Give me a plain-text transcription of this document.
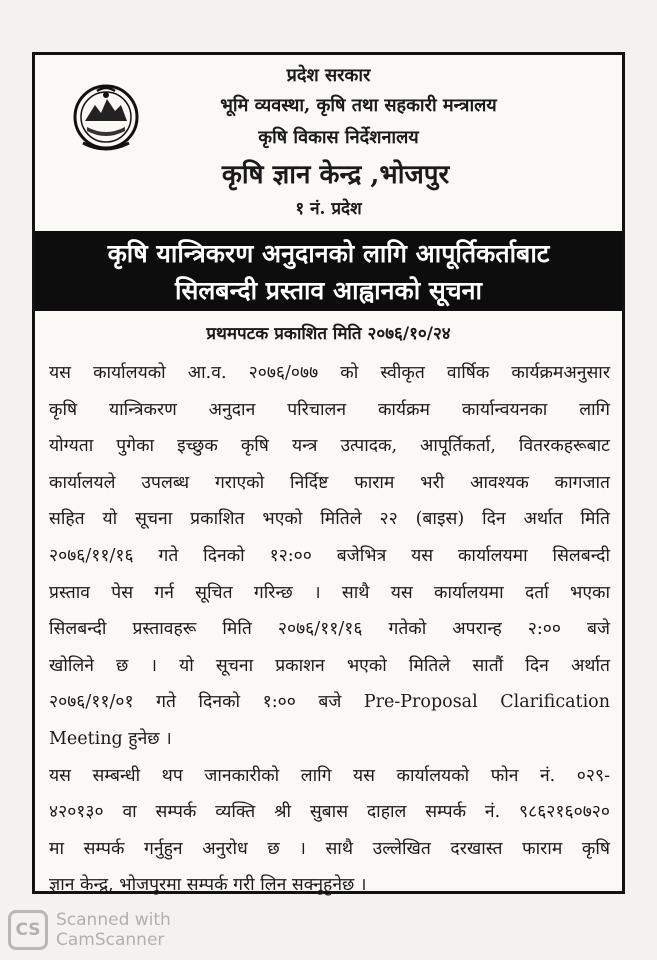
प्रदेश सरकार
भूमि व्यवस्था, कृषि तथा सहकारी मन्त्रालय
कृषि विकास निर्देशनालय
कृषि ज्ञान केन्द्र ,भोजपुर
१ नं. प्रदेश
कृषि यान्त्रिकरण अनुदानको लागि आपूर्तिकर्ताबाट
सिलबन्दी प्रस्ताव आह्वानको सूचना
प्रथमपटक प्रकाशित मिति २०७६/१०/२४
यस कार्यालयको आ.व. २०७६/०७७ को स्वीकृत वार्षिक कार्यक्रमअनुसार
कृषि यान्त्रिकरण अनुदान परिचालन कार्यक्रम कार्यान्वयनका लागि
योग्यता पुगेका इच्छुक कृषि यन्त्र उत्पादक, आपूर्तिकर्ता, वितरकहरूबाट
कार्यालयले उपलब्ध गराएको निर्दिष्ट फाराम भरी आवश्यक कागजात
सहित यो सूचना प्रकाशित भएको मितिले २२ (बाइस) दिन अर्थात मिति
२०७६/११/१६ गते दिनको १२:०० बजेभित्र यस कार्यालयमा सिलबन्दी
प्रस्ताव पेस गर्न सूचित गरिन्छ । साथै यस कार्यालयमा दर्ता भएका
सिलबन्दी प्रस्तावहरू मिति २०७६/११/१६ गतेको अपरान्ह २:०० बजे
खोलिने छ । यो सूचना प्रकाशन भएको मितिले सातौं दिन अर्थात
२०७६/११/०१ गते दिनको १:०० बजे Pre-Proposal Clarification
Meeting हुनेछ ।
यस सम्बन्धी थप जानकारीको लागि यस कार्यालयको फोन नं. ०२९-
४२०१३० वा सम्पर्क व्यक्ति श्री सुबास दाहाल सम्पर्क नं. ९८६२१६०७२०
मा सम्पर्क गर्नुहुन अनुरोध छ । साथै उल्लेखित दरखास्त फाराम कृषि
ज्ञान केन्द्र, भोजपुरमा सम्पर्क गरी लिन सक्नुहुनेछ ।
CS Scanned with
CamScanner
